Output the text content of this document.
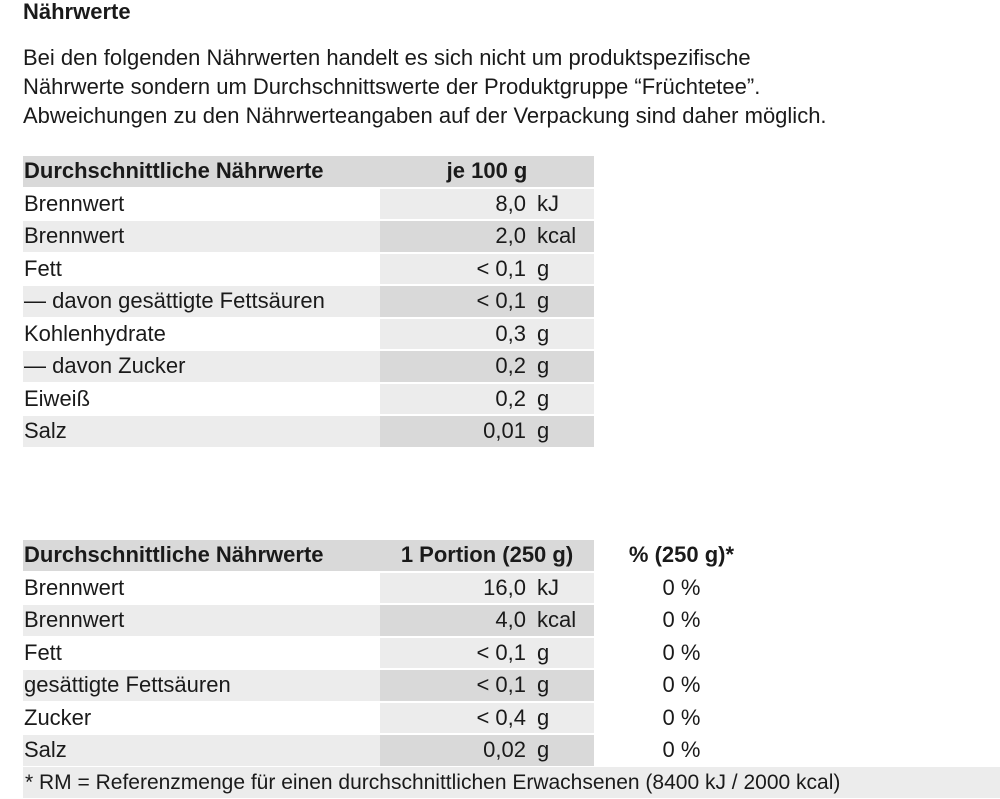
Nährwerte
Bei den folgenden Nährwerten handelt es sich nicht um produktspezifische
Nährwerte sondern um Durchschnittswerte der Produktgruppe “Früchtetee”.
Abweichungen zu den Nährwerteangaben auf der Verpackung sind daher möglich.
Durchschnittliche Nährwerte	je 100 g	
Brennwert	8,0	kJ
Brennwert	2,0	kcal
Fett	< 0,1	g
— davon gesättigte Fettsäuren	< 0,1	g
Kohlenhydrate	0,3	g
— davon Zucker	0,2	g
Eiweiß	0,2	g
Salz	0,01	g
Durchschnittliche Nährwerte	1 Portion (250 g)		% (250 g)*
Brennwert	16,0	kJ	0 %
Brennwert	4,0	kcal	0 %
Fett	< 0,1	g	0 %
gesättigte Fettsäuren	< 0,1	g	0 %
Zucker	< 0,4	g	0 %
Salz	0,02	g	0 %
* RM = Referenzmenge für einen durchschnittlichen Erwachsenen (8400 kJ / 2000 kcal)
